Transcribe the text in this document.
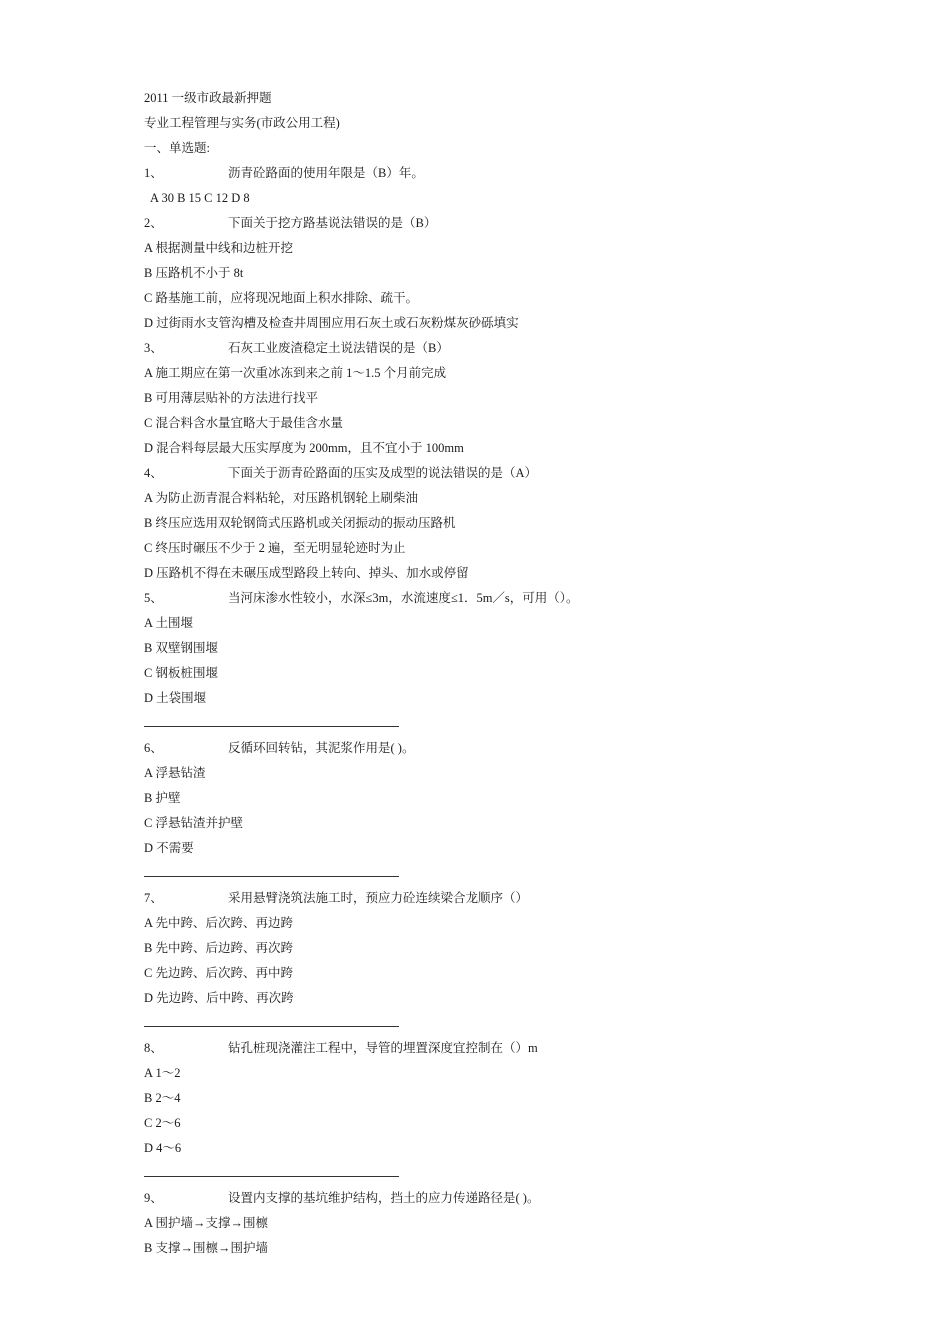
2011 一级市政最新押题
专业工程管理与实务(市政公用工程)
一、单选题:
1、	沥青砼路面的使用年限是（B）年。
A 30 B 15 C 12 D 8
2、	下面关于挖方路基说法错误的是（B）
A 根据测量中线和边桩开挖
B 压路机不小于 8t
C 路基施工前，应将现况地面上积水排除、疏干。
D 过街雨水支管沟槽及检查井周围应用石灰土或石灰粉煤灰砂砾填实
3、	石灰工业废渣稳定土说法错误的是（B）
A 施工期应在第一次重冰冻到来之前 1～1.5 个月前完成
B 可用薄层贴补的方法进行找平
C 混合料含水量宜略大于最佳含水量
D 混合料每层最大压实厚度为 200mm，且不宜小于 100mm
4、	下面关于沥青砼路面的压实及成型的说法错误的是（A）
A 为防止沥青混合料粘轮，对压路机钢轮上刷柴油
B 终压应选用双轮钢筒式压路机或关闭振动的振动压路机
C 终压时碾压不少于 2 遍，至无明显轮迹时为止
D 压路机不得在未碾压成型路段上转向、掉头、加水或停留
5、	当河床渗水性较小，水深≤3m，水流速度≤1．5m／s，可用（）。
A 土围堰
B 双壁钢围堰
C 钢板桩围堰
D 土袋围堰
6、	反循环回转钻，其泥浆作用是( )。
A 浮悬钻渣
B 护壁
C 浮悬钻渣并护壁
D 不需要
7、	采用悬臂浇筑法施工时，预应力砼连续梁合龙顺序（）
A 先中跨、后次跨、再边跨
B 先中跨、后边跨、再次跨
C 先边跨、后次跨、再中跨
D 先边跨、后中跨、再次跨
8、	钻孔桩现浇灌注工程中，导管的埋置深度宜控制在（）m
A 1～2
B 2～4
C 2～6
D 4～6
9、	设置内支撑的基坑维护结构，挡土的应力传递路径是( )。
A 围护墙→支撑→围檩
B 支撑→围檩→围护墙
